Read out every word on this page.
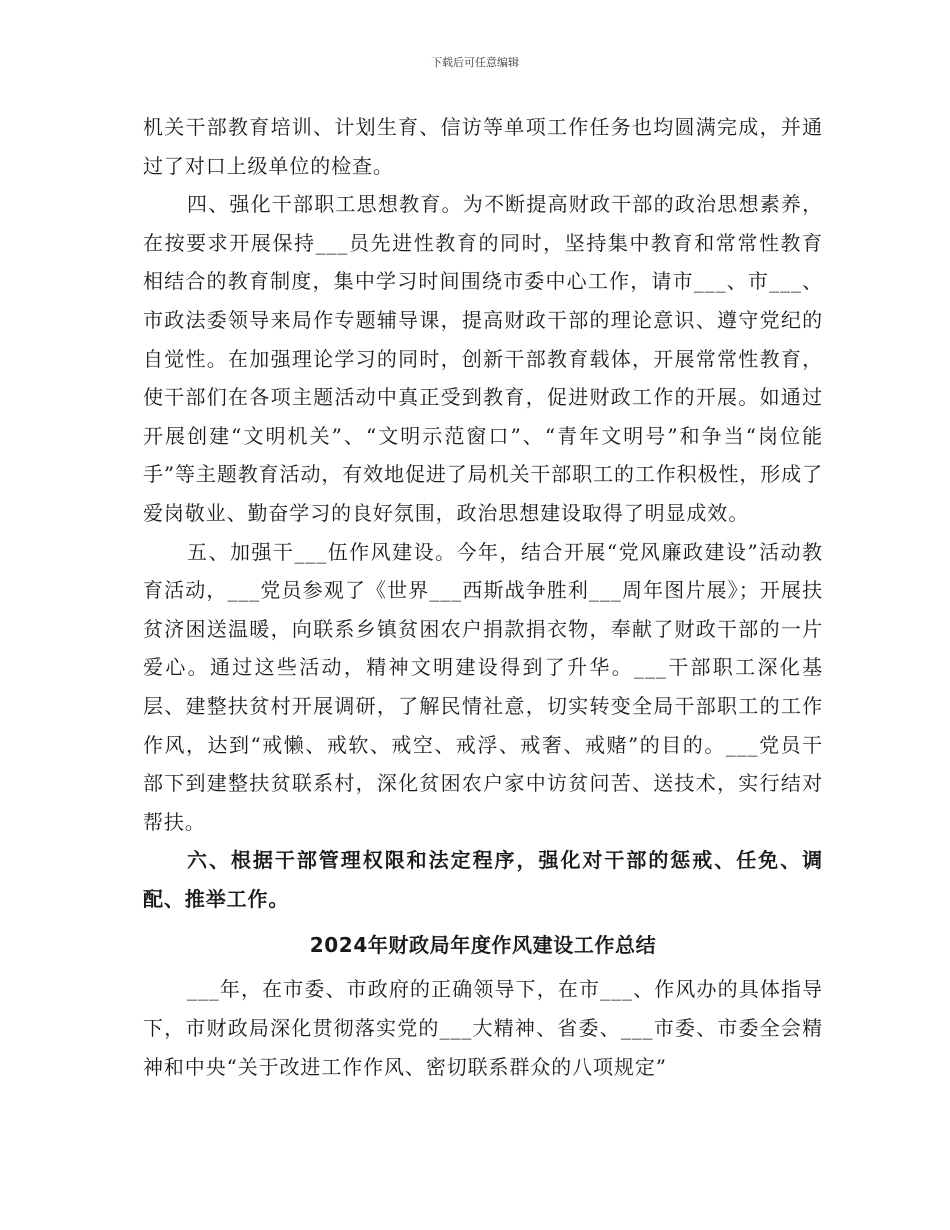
下载后可任意编辑

机关干部教育培训、计划生育、信访等单项工作任务也均圆满完成，并通过了对口上级单位的检查。

四、强化干部职工思想教育。为不断提高财政干部的政治思想素养，在按要求开展保持___员先进性教育的同时，坚持集中教育和常常性教育相结合的教育制度，集中学习时间围绕市委中心工作，请市___、市___、市政法委领导来局作专题辅导课，提高财政干部的理论意识、遵守党纪的自觉性。在加强理论学习的同时，创新干部教育载体，开展常常性教育，使干部们在各项主题活动中真正受到教育，促进财政工作的开展。如通过开展创建“文明机关”、“文明示范窗口”、“青年文明号”和争当“岗位能手”等主题教育活动，有效地促进了局机关干部职工的工作积极性，形成了爱岗敬业、勤奋学习的良好氛围，政治思想建设取得了明显成效。

五、加强干___伍作风建设。今年，结合开展“党风廉政建设”活动教育活动，___党员参观了《世界___西斯战争胜利___周年图片展》；开展扶贫济困送温暖，向联系乡镇贫困农户捐款捐衣物，奉献了财政干部的一片爱心。通过这些活动，精神文明建设得到了升华。___干部职工深化基层、建整扶贫村开展调研，了解民情社意，切实转变全局干部职工的工作作风，达到“戒懒、戒软、戒空、戒浮、戒奢、戒赌”的目的。___党员干部下到建整扶贫联系村，深化贫困农户家中访贫问苦、送技术，实行结对帮扶。

六、根据干部管理权限和法定程序，强化对干部的惩戒、任免、调配、推举工作。

2024年财政局年度作风建设工作总结

___年，在市委、市政府的正确领导下，在市___、作风办的具体指导下，市财政局深化贯彻落实党的___大精神、省委、___市委、市委全会精神和中央“关于改进工作作风、密切联系群众的八项规定”
